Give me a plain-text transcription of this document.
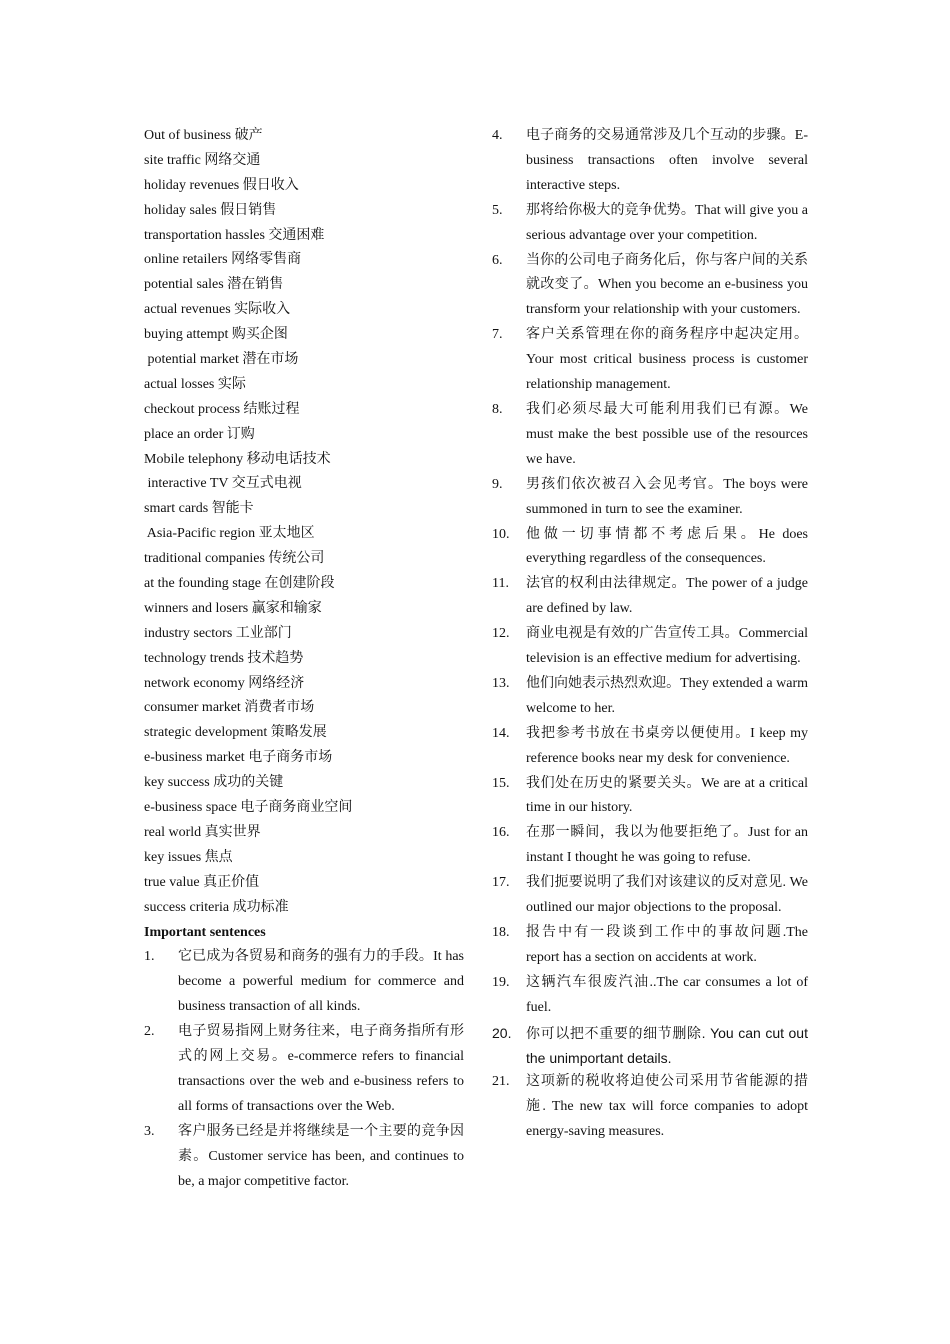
Out of business 破产
site traffic 网络交通
holiday revenues 假日收入
holiday sales 假日销售
transportation hassles 交通困难
online retailers 网络零售商
potential sales 潜在销售
actual revenues 实际收入
buying attempt 购买企图
potential market 潜在市场
actual losses 实际
checkout process 结账过程
place an order 订购
Mobile telephony 移动电话技术
interactive TV 交互式电视
smart cards 智能卡
Asia-Pacific region 亚太地区
traditional companies 传统公司
at the founding stage 在创建阶段
winners and losers 赢家和输家
industry sectors 工业部门
technology trends 技术趋势
network economy 网络经济
consumer market 消费者市场
strategic development 策略发展
e-business market 电子商务市场
key success 成功的关键
e-business space 电子商务商业空间
real world 真实世界
key issues 焦点
true value 真正价值
success criteria 成功标准
Important sentences
1.	它已成为各贸易和商务的强有力的手段。It has become a powerful medium for commerce and business transaction of all kinds.
2.	电子贸易指网上财务往来，电子商务指所有形式的网上交易。e-commerce refers to financial transactions over the web and e-business refers to all forms of transactions over the Web.
3.	客户服务已经是并将继续是一个主要的竞争因素。Customer service has been, and continues to be, a major competitive factor.
4.	电子商务的交易通常涉及几个互动的步骤。E-business transactions often involve several interactive steps.
5.	那将给你极大的竞争优势。That will give you a serious advantage over your competition.
6.	当你的公司电子商务化后，你与客户间的关系就改变了。When you become an e-business you transform your relationship with your customers.
7.	客户关系管理在你的商务程序中起决定用。Your most critical business process is customer relationship management.
8.	我们必须尽最大可能利用我们已有源。We must make the best possible use of the resources we have.
9.	男孩们依次被召入会见考官。The boys were summoned in turn to see the examiner.
10.	他做一切事情都不考虑后果。He does everything regardless of the consequences.
11.	法官的权利由法律规定。The power of a judge are defined by law.
12.	商业电视是有效的广告宣传工具。Commercial television is an effective medium for advertising.
13.	他们向她表示热烈欢迎。They extended a warm welcome to her.
14.	我把参考书放在书桌旁以便使用。I keep my reference books near my desk for convenience.
15.	我们处在历史的紧要关头。We are at a critical time in our history.
16.	在那一瞬间，我以为他要拒绝了。Just for an instant I thought he was going to refuse.
17.	我们扼要说明了我们对该建议的反对意见. We outlined our major objections to the proposal.
18.	报告中有一段谈到工作中的事故问题.The report has a section on accidents at work.
19.	这辆汽车很废汽油..The car consumes a lot of fuel.
20.	你可以把不重要的细节删除. You can cut out the unimportant details.
21.	这项新的税收将迫使公司采用节省能源的措施. The new tax will force companies to adopt energy-saving measures.
